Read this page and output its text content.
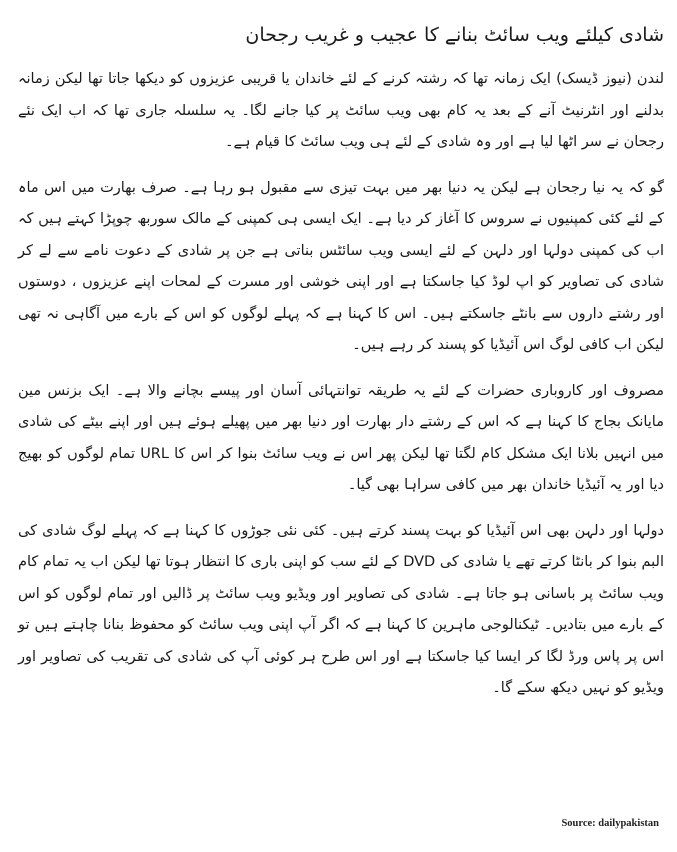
شادی کیلئے ویب سائٹ بنانے کا عجیب و غریب رجحان

لندن (نیوز ڈیسک) ایک زمانہ تھا کہ رشتہ کرنے کے لئے خاندان یا قریبی عزیزوں کو دیکھا جاتا تھا لیکن زمانہ بدلنے اور انٹرنیٹ آنے کے بعد یہ کام بھی ویب سائٹ پر کیا جانے لگا۔ یہ سلسلہ جاری تھا کہ اب ایک نئے رجحان نے سر اٹھا لیا ہے اور وہ شادی کے لئے ہی ویب سائٹ کا قیام ہے۔

گو کہ یہ نیا رجحان ہے لیکن یہ دنیا بھر میں بہت تیزی سے مقبول ہو رہا ہے۔ صرف بھارت میں اس ماہ کے لئے کئی کمپنیوں نے سروس کا آغاز کر دیا ہے۔ ایک ایسی ہی کمپنی کے مالک سوربھ چوپڑا کہتے ہیں کہ اب کی کمپنی دولہا اور دلہن کے لئے ایسی ویب سائٹس بناتی ہے جن پر شادی کے دعوت نامے سے لے کر شادی کی تصاویر کو اپ لوڈ کیا جاسکتا ہے اور اپنی خوشی اور مسرت کے لمحات اپنے عزیزوں ، دوستوں اور رشتے داروں سے بانٹے جاسکتے ہیں۔ اس کا کہنا ہے کہ پہلے لوگوں کو اس کے بارے میں آگاہی نہ تھی لیکن اب کافی لوگ اس آئیڈیا کو پسند کر رہے ہیں۔

مصروف اور کاروباری حضرات کے لئے یہ طریقہ توانتہائی آسان اور پیسے بچانے والا ہے۔ ایک بزنس مین مایانک بجاج کا کہنا ہے کہ اس کے رشتے دار بھارت اور دنیا بھر میں پھیلے ہوئے ہیں اور اپنے بیٹے کی شادی میں انہیں بلانا ایک مشکل کام لگتا تھا لیکن پھر اس نے ویب سائٹ بنوا کر اس کا URL تمام لوگوں کو بھیج دیا اور یہ آئیڈیا خاندان بھر میں کافی سراہا بھی گیا۔

دولہا اور دلہن بھی اس آئیڈیا کو بہت پسند کرتے ہیں۔ کئی نئی جوڑوں کا کہنا ہے کہ پہلے لوگ شادی کی البم بنوا کر بانٹا کرتے تھے یا شادی کی DVD کے لئے سب کو اپنی باری کا انتظار ہوتا تھا لیکن اب یہ تمام کام ویب سائٹ پر باسانی ہو جاتا ہے۔ شادی کی تصاویر اور ویڈیو ویب سائٹ پر ڈالیں اور تمام لوگوں کو اس کے بارے میں بتادیں۔ ٹیکنالوجی ماہرین کا کہنا ہے کہ اگر آپ اپنی ویب سائٹ کو محفوظ بنانا چاہتے ہیں تو اس پر پاس ورڈ لگا کر ایسا کیا جاسکتا ہے اور اس طرح ہر کوئی آپ کی شادی کی تقریب کی تصاویر اور ویڈیو کو نہیں دیکھ سکے گا۔

Source: dailypakistan
